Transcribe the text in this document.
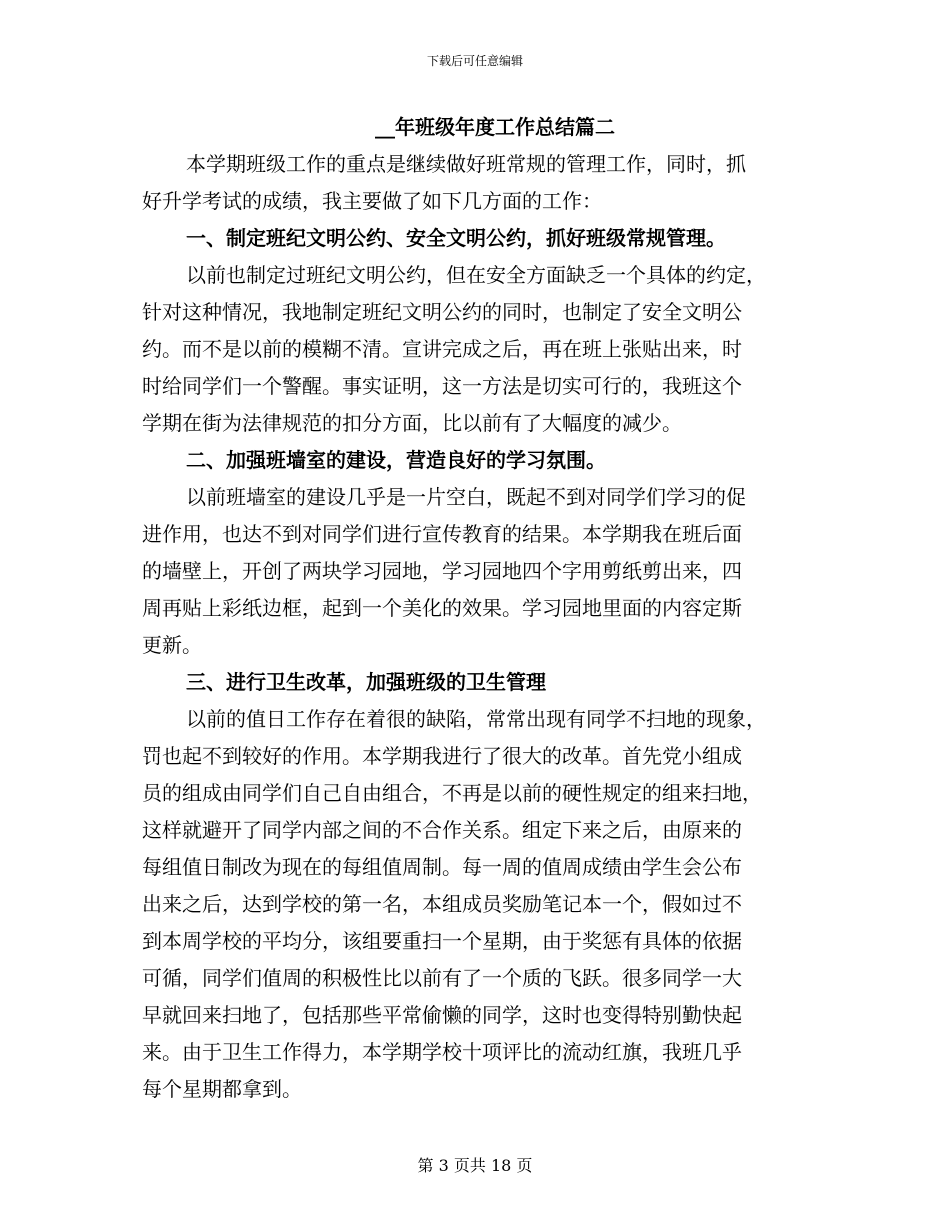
下载后可任意编辑
__年班级年度工作总结篇二

本学期班级工作的重点是继续做好班常规的管理工作，同时，抓

好升学考试的成绩，我主要做了如下几方面的工作：

一、制定班纪文明公约、安全文明公约，抓好班级常规管理。

以前也制定过班纪文明公约，但在安全方面缺乏一个具体的约定，

针对这种情况，我地制定班纪文明公约的同时，也制定了安全文明公

约。而不是以前的模糊不清。宣讲完成之后，再在班上张贴出来，时

时给同学们一个警醒。事实证明，这一方法是切实可行的，我班这个

学期在街为法律规范的扣分方面，比以前有了大幅度的减少。

二、加强班墙室的建设，营造良好的学习氛围。

以前班墙室的建设几乎是一片空白，既起不到对同学们学习的促

进作用，也达不到对同学们进行宣传教育的结果。本学期我在班后面

的墙壁上，开创了两块学习园地，学习园地四个字用剪纸剪出来，四

周再贴上彩纸边框，起到一个美化的效果。学习园地里面的内容定斯

更新。

三、进行卫生改革，加强班级的卫生管理

以前的值日工作存在着很的缺陷，常常出现有同学不扫地的现象，

罚也起不到较好的作用。本学期我进行了很大的改革。首先党小组成

员的组成由同学们自己自由组合，不再是以前的硬性规定的组来扫地，

这样就避开了同学内部之间的不合作关系。组定下来之后，由原来的

每组值日制改为现在的每组值周制。每一周的值周成绩由学生会公布

出来之后，达到学校的第一名，本组成员奖励笔记本一个，假如过不

到本周学校的平均分，该组要重扫一个星期，由于奖惩有具体的依据

可循，同学们值周的积极性比以前有了一个质的飞跃。很多同学一大

早就回来扫地了，包括那些平常偷懒的同学，这时也变得特别勤快起

来。由于卫生工作得力，本学期学校十项评比的流动红旗，我班几乎

每个星期都拿到。

第 3 页共 18 页
